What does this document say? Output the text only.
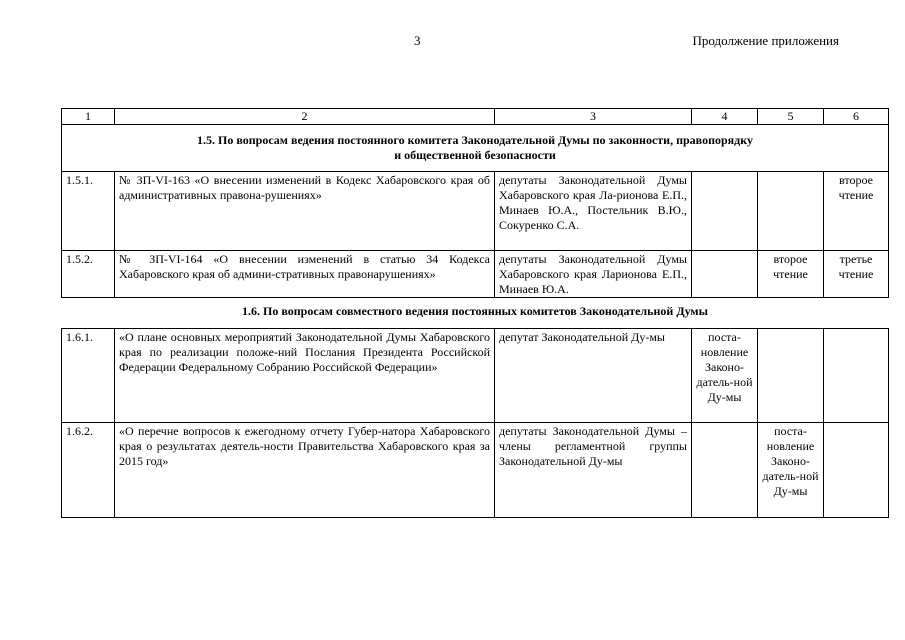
3	Продолжение приложения
1	2	3	4	5	6

1.5. По вопросам ведения постоянного комитета Законодательной Думы по законности, правопорядку
и общественной безопасности					

1.5.1.	№ ЗП-VI-163 «О внесении изменений в Кодекс Хабаровского края об административных правона-рушениях»	депутаты Законодательной Думы Хабаровского края Ла-рионова Е.П., Минаев Ю.А., Постельник В.Ю., Сокуренко С.А.			второе чтение
1.5.2.	№ ЗП-VI-164 «О внесении изменений в статью 34 Кодекса Хабаровского края об админи-стративных правонарушениях»	депутаты Законодательной Думы Хабаровского края Ларионова Е.П., Минаев Ю.А.		второе чтение	третье чтение
1.6. По вопросам совместного ведения постоянных комитетов Законодательной Думы					
1.6.1.	«О плане основных мероприятий Законодательной Думы Хабаровского края по реализации положе-ний Послания Президента Российской Федерации Федеральному Собранию Российской Федерации»	депутат Законодательной Ду-мы	поста-новление Законо-датель-ной Ду-мы		
1.6.2.	«О перечне вопросов к ежегодному отчету Губер-натора Хабаровского края о результатах деятель-ности Правительства Хабаровского края за 2015 год»	депутаты Законодательной Думы – члены регламентной группы Законодательной Ду-мы		поста-новление Законо-датель-ной Ду-мы	
